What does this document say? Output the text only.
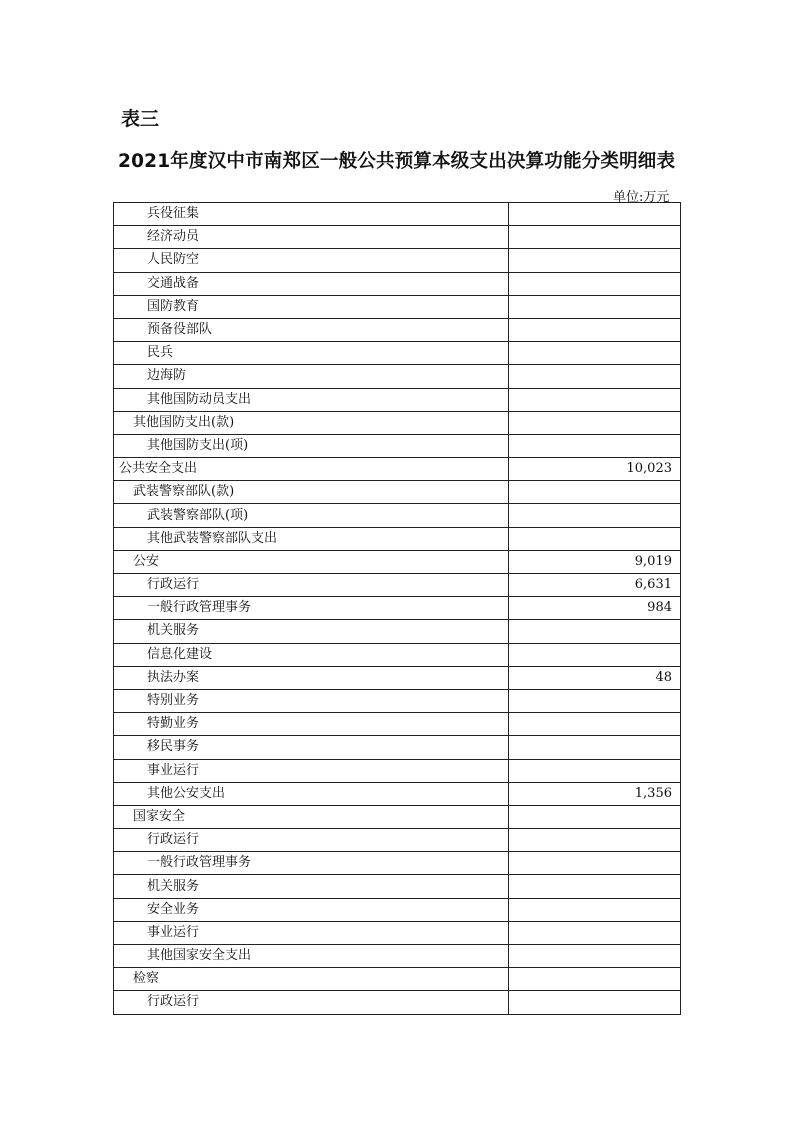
表三
2021年度汉中市南郑区一般公共预算本级支出决算功能分类明细表
单位:万元
兵役征集	
经济动员	
人民防空	
交通战备	
国防教育	
预备役部队	
民兵	
边海防	
其他国防动员支出	
其他国防支出(款)	
其他国防支出(项)	
公共安全支出	10,023
武装警察部队(款)	
武装警察部队(项)	
其他武装警察部队支出	
公安	9,019
行政运行	6,631
一般行政管理事务	984
机关服务	
信息化建设	
执法办案	48
特别业务	
特勤业务	
移民事务	
事业运行	
其他公安支出	1,356
国家安全	
行政运行	
一般行政管理事务	
机关服务	
安全业务	
事业运行	
其他国家安全支出	
检察	
行政运行	
